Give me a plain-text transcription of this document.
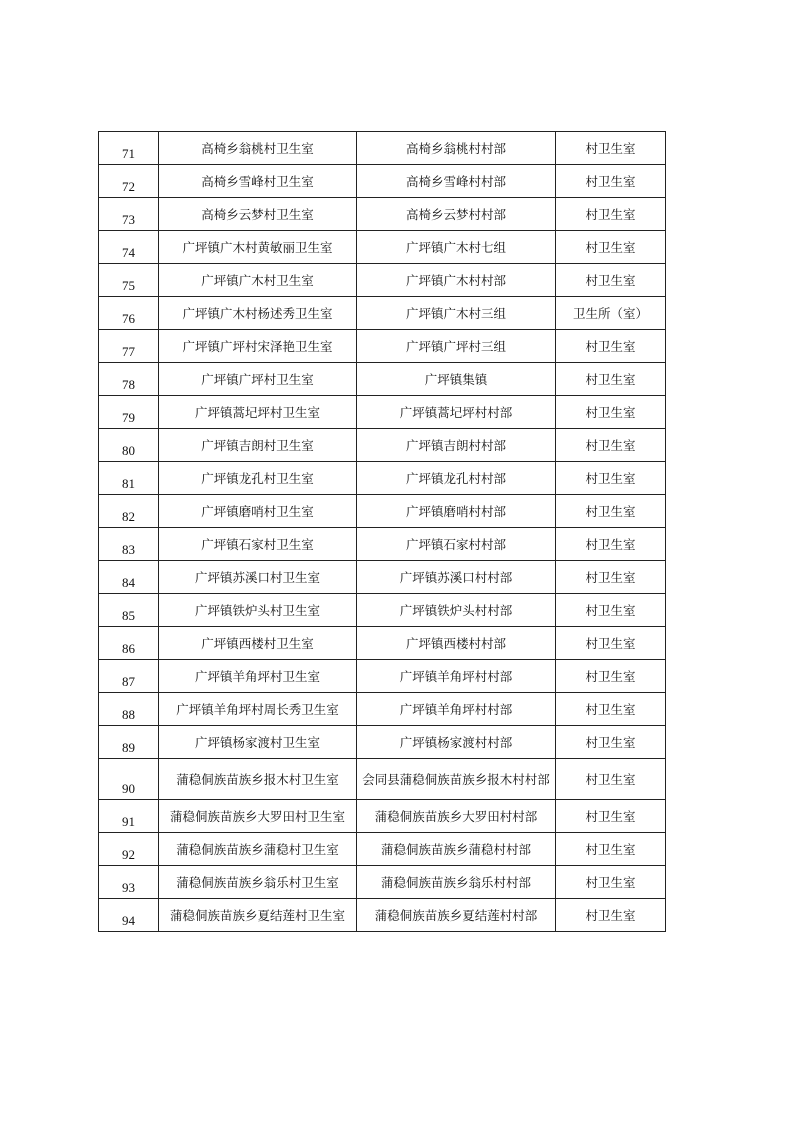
71	高椅乡翁桃村卫生室	高椅乡翁桃村村部	村卫生室
72	高椅乡雪峰村卫生室	高椅乡雪峰村村部	村卫生室
73	高椅乡云梦村卫生室	高椅乡云梦村村部	村卫生室
74	广坪镇广木村黄敏丽卫生室	广坪镇广木村七组	村卫生室
75	广坪镇广木村卫生室	广坪镇广木村村部	村卫生室
76	广坪镇广木村杨述秀卫生室	广坪镇广木村三组	卫生所（室）
77	广坪镇广坪村宋泽艳卫生室	广坪镇广坪村三组	村卫生室
78	广坪镇广坪村卫生室	广坪镇集镇	村卫生室
79	广坪镇蒿圮坪村卫生室	广坪镇蒿圮坪村村部	村卫生室
80	广坪镇吉朗村卫生室	广坪镇吉朗村村部	村卫生室
81	广坪镇龙孔村卫生室	广坪镇龙孔村村部	村卫生室
82	广坪镇磨哨村卫生室	广坪镇磨哨村村部	村卫生室
83	广坪镇石家村卫生室	广坪镇石家村村部	村卫生室
84	广坪镇苏溪口村卫生室	广坪镇苏溪口村村部	村卫生室
85	广坪镇铁炉头村卫生室	广坪镇铁炉头村村部	村卫生室
86	广坪镇西楼村卫生室	广坪镇西楼村村部	村卫生室
87	广坪镇羊角坪村卫生室	广坪镇羊角坪村村部	村卫生室
88	广坪镇羊角坪村周长秀卫生室	广坪镇羊角坪村村部	村卫生室
89	广坪镇杨家渡村卫生室	广坪镇杨家渡村村部	村卫生室
90	蒲稳侗族苗族乡报木村卫生室	会同县蒲稳侗族苗族乡报木村村部	村卫生室
91	蒲稳侗族苗族乡大罗田村卫生室	蒲稳侗族苗族乡大罗田村村部	村卫生室
92	蒲稳侗族苗族乡蒲稳村卫生室	蒲稳侗族苗族乡蒲稳村村部	村卫生室
93	蒲稳侗族苗族乡翁乐村卫生室	蒲稳侗族苗族乡翁乐村村部	村卫生室
94	蒲稳侗族苗族乡夏结莲村卫生室	蒲稳侗族苗族乡夏结莲村村部	村卫生室
